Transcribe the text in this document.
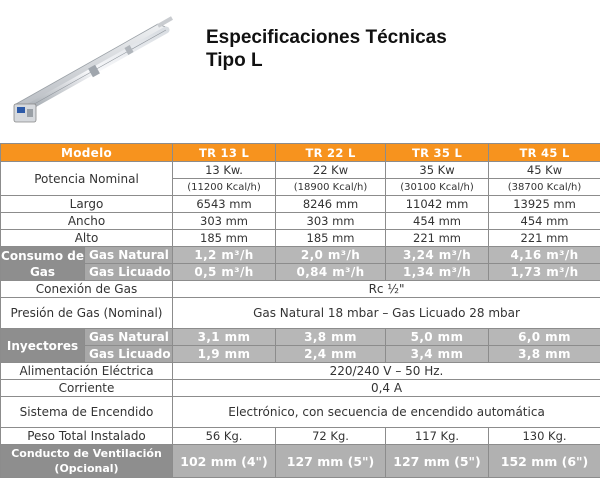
Especificaciones Técnicas
Tipo L
Modelo		TR 13 L	TR 22 L	TR 35 L	TR 45 L
Potencia Nominal		13 Kw.	22 Kw	35 Kw	45 Kw
		(11200 Kcal/h)	(18900 Kcal/h)	(30100 Kcal/h)	(38700 Kcal/h)
Largo		6543 mm	8246 mm	11042 mm	13925 mm
Ancho		303 mm	303 mm	454 mm	454 mm
Alto		185 mm	185 mm	221 mm	221 mm
Consumo de Gas	Gas Natural	1,2 m³/h	2,0 m³/h	3,24 m³/h	4,16 m³/h
	Gas Licuado	0,5 m³/h	0,84 m³/h	1,34 m³/h	1,73 m³/h
Conexión de Gas		Rc ½"			
Presión de Gas (Nominal)		Gas Natural 18 mbar – Gas Licuado 28 mbar			
Inyectores	Gas Natural	3,1 mm	3,8 mm	5,0 mm	6,0 mm
	Gas Licuado	1,9 mm	2,4 mm	3,4 mm	3,8 mm
Alimentación Eléctrica		220/240 V – 50 Hz.			
Corriente		0,4 A			
Sistema de Encendido		Electrónico, con secuencia de encendido automática			
Peso Total Instalado		56 Kg.	72 Kg.	117 Kg.	130 Kg.
Conducto de Ventilación (Opcional)		102 mm (4")	127 mm (5")	127 mm (5")	152 mm (6")
